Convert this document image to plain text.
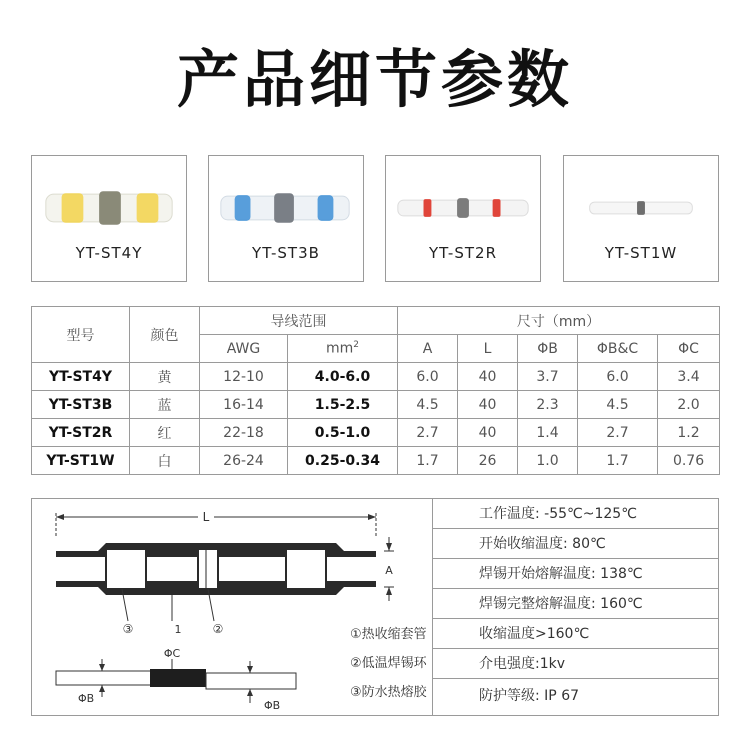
产品细节参数
YT-ST4Y	YT-ST3B	YT-ST2R	YT-ST1W
型号	颜色	导线范围		尺寸（mm）				
		AWG	$mm^2$	A	L	ΦB	ΦB&C	ΦC
YT-ST4Y	黄	12-10	4.0-6.0	6.0	40	3.7	6.0	3.4
YT-ST3B	蓝	16-14	1.5-2.5	4.5	40	2.3	4.5	2.0
YT-ST2R	红	22-18	0.5-1.0	2.7	40	1.4	2.7	1.2
YT-ST1W	白	26-24	0.25-0.34	1.7	26	1.0	1.7	0.76
L
A
③	1	②
ΦC
ΦB
ΦB
①热收缩套管
②低温焊锡环
③防水热熔胶
工作温度: -55℃~125℃
开始收缩温度: 80℃
焊锡开始熔解温度: 138℃
焊锡完整熔解温度: 160℃
收缩温度>160℃
介电强度:1kv
防护等级: IP 67
